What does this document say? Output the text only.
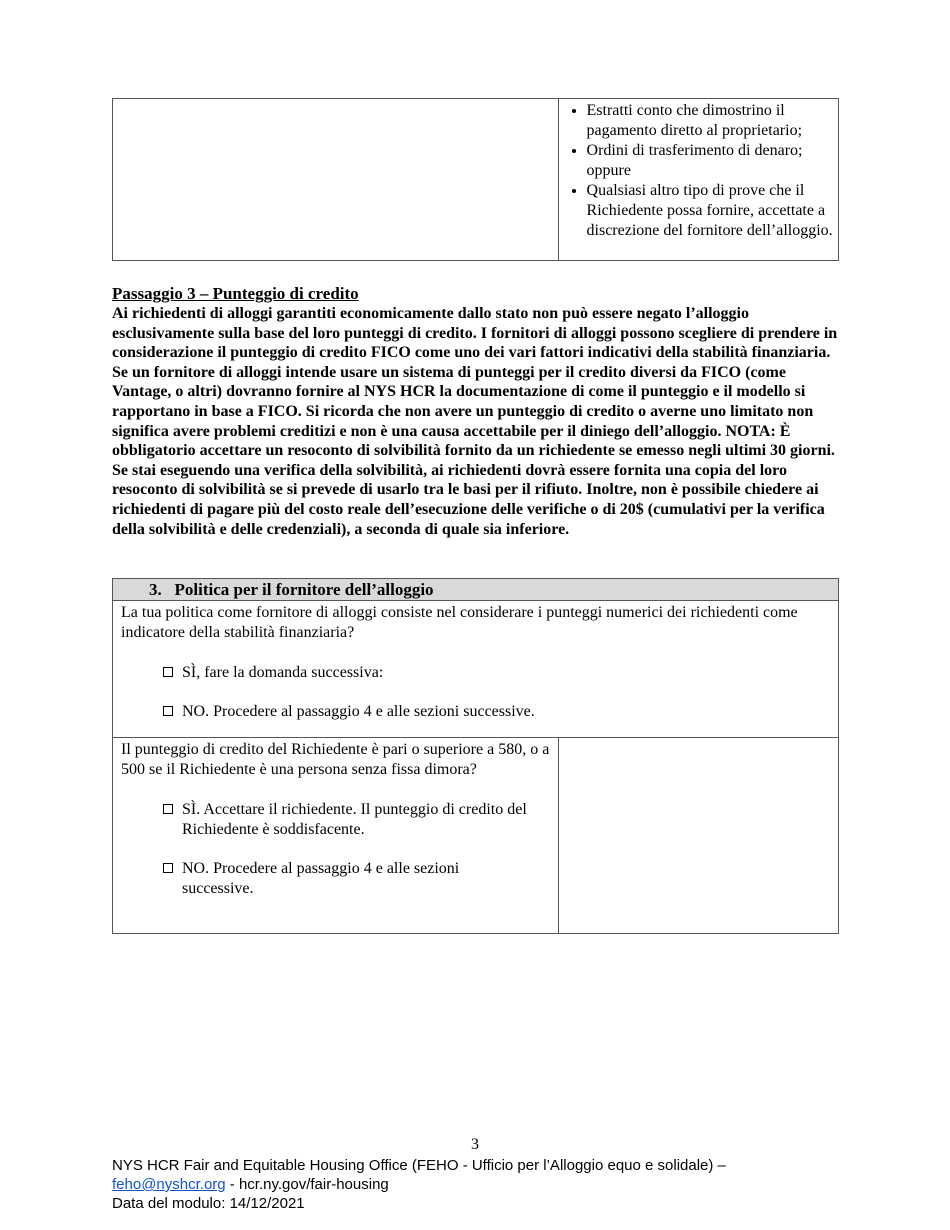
• Estratti conto che dimostrino il pagamento diretto al proprietario;
• Ordini di trasferimento di denaro; oppure
• Qualsiasi altro tipo di prove che il Richiedente possa fornire, accettate a discrezione del fornitore dell’alloggio.
Passaggio 3 – Punteggio di credito
Ai richiedenti di alloggi garantiti economicamente dallo stato non può essere negato l’alloggio esclusivamente sulla base del loro punteggi di credito. I fornitori di alloggi possono scegliere di prendere in considerazione il punteggio di credito FICO come uno dei vari fattori indicativi della stabilità finanziaria. Se un fornitore di alloggi intende usare un sistema di punteggi per il credito diversi da FICO (come Vantage, o altri) dovranno fornire al NYS HCR la documentazione di come il punteggio e il modello si rapportano in base a FICO. Si ricorda che non avere un punteggio di credito o averne uno limitato non significa avere problemi creditizi e non è una causa accettabile per il diniego dell’alloggio. NOTA: È obbligatorio accettare un resoconto di solvibilità fornito da un richiedente se emesso negli ultimi 30 giorni. Se stai eseguendo una verifica della solvibilità, ai richiedenti dovrà essere fornita una copia del loro resoconto di solvibilità se si prevede di usarlo tra le basi per il rifiuto. Inoltre, non è possibile chiedere ai richiedenti di pagare più del costo reale dell’esecuzione delle verifiche o di 20$ (cumulativi per la verifica della solvibilità e delle credenziali), a seconda di quale sia inferiore.
3. Politica per il fornitore dell’alloggio

La tua politica come fornitore di alloggi consiste nel considerare i punteggi numerici dei richiedenti come indicatore della stabilità finanziaria?
SÌ, fare la domanda successiva:
NO. Procedere al passaggio 4 e alle sezioni successive.

Il punteggio di credito del Richiedente è pari o superiore a 580, o a 500 se il Richiedente è una persona senza fissa dimora?
SÌ. Accettare il richiedente. Il punteggio di credito del Richiedente è soddisfacente.
NO. Procedere al passaggio 4 e alle sezioni successive.

3
NYS HCR Fair and Equitable Housing Office (FEHO - Ufficio per l’Alloggio equo e solidale) –
feho@nyshcr.org - hcr.ny.gov/fair-housing
Data del modulo: 14/12/2021
